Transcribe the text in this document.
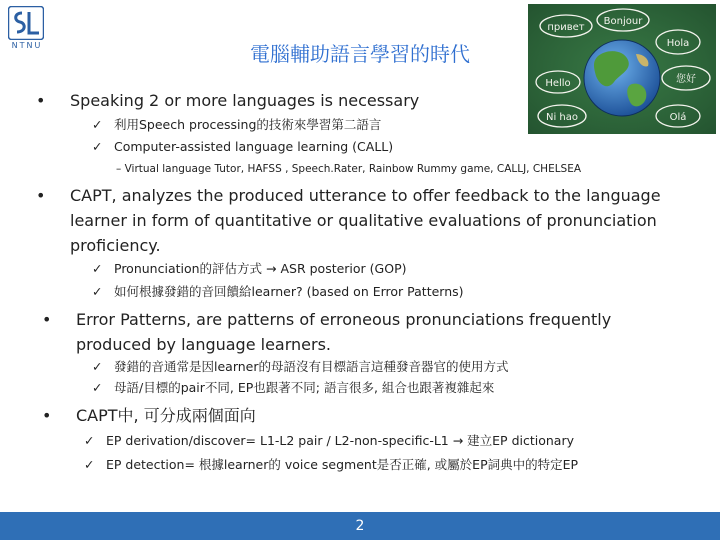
NTNU	電腦輔助語言學習的時代
Bonjour
привет
Hola
Hello	您好
Ni hao	Olá
• Speaking 2 or more languages is necessary
✓ 利用Speech processing的技術來學習第二語言
✓ Computer-assisted language learning (CALL)
– Virtual language Tutor, HAFSS , Speech.Rater, Rainbow Rummy game, CALLJ, CHELSEA
• CAPT, analyzes the produced utterance to offer feedback to the language
learner in form of quantitative or qualitative evaluations of pronunciation
proficiency.
✓ Pronunciation的評估方式 → ASR posterior (GOP)
✓ 如何根據發錯的音回饋給learner? (based on Error Patterns)
• Error Patterns, are patterns of erroneous pronunciations frequently
produced by language learners.
✓ 發錯的音通常是因learner的母語沒有目標語言這種發音器官的使用方式
✓ 母語/目標的pair不同, EP也跟著不同; 語言很多, 組合也跟著複雜起來
• CAPT中, 可分成兩個面向
✓ EP derivation/discover= L1-L2 pair / L2-non-specific-L1 → 建立EP dictionary
✓ EP detection= 根據learner的 voice segment是否正確, 或屬於EP詞典中的特定EP
2
